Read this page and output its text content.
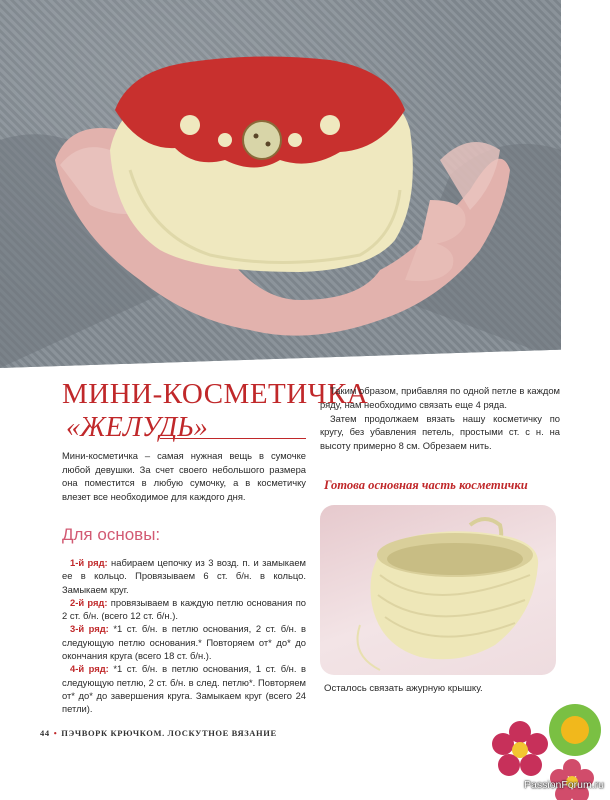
МИНИ-КОСМЕТИЧКА
«ЖЕЛУДЬ»
Мини-косметичка – самая нужная вещь в сумочке любой девушки. За счет своего небольшого размера она поместится в любую сумочку, а в косметичку влезет все необходимое для каждого дня.
Для основы:

1-й ряд: набираем цепочку из 3 возд. п. и замыкаем ее в кольцо. Провязываем 6 ст. б/н. в кольцо. Замыкаем круг.

2-й ряд: провязываем в каждую петлю основания по 2 ст. б/н. (всего 12 ст. б/н.).

3-й ряд: *1 ст. б/н. в петлю основания, 2 ст. б/н. в следующую петлю основания.* Повторяем от* до* до окончания круга (всего 18 ст. б/н.).

4-й ряд: *1 ст. б/н. в петлю основания, 1 ст. б/н. в следующую петлю, 2 ст. б/н. в след. петлю*. Повторяем от* до* до завершения круга. Замыкаем круг (всего 24 петли).

Таким образом, прибавляя по одной петле в каждом ряду, нам необходимо связать еще 4 ряда.

Затем продолжаем вязать нашу косметичку по кругу, без убавления петель, простыми ст. с н. на высоту примерно 8 см. Обрезаем нить.

Готова основная часть косметички
Осталось связать ажурную крышку.
44 • ПЭЧВОРК КРЮЧКОМ. ЛОСКУТНОЕ ВЯЗАНИЕ
PassionForum.ru
